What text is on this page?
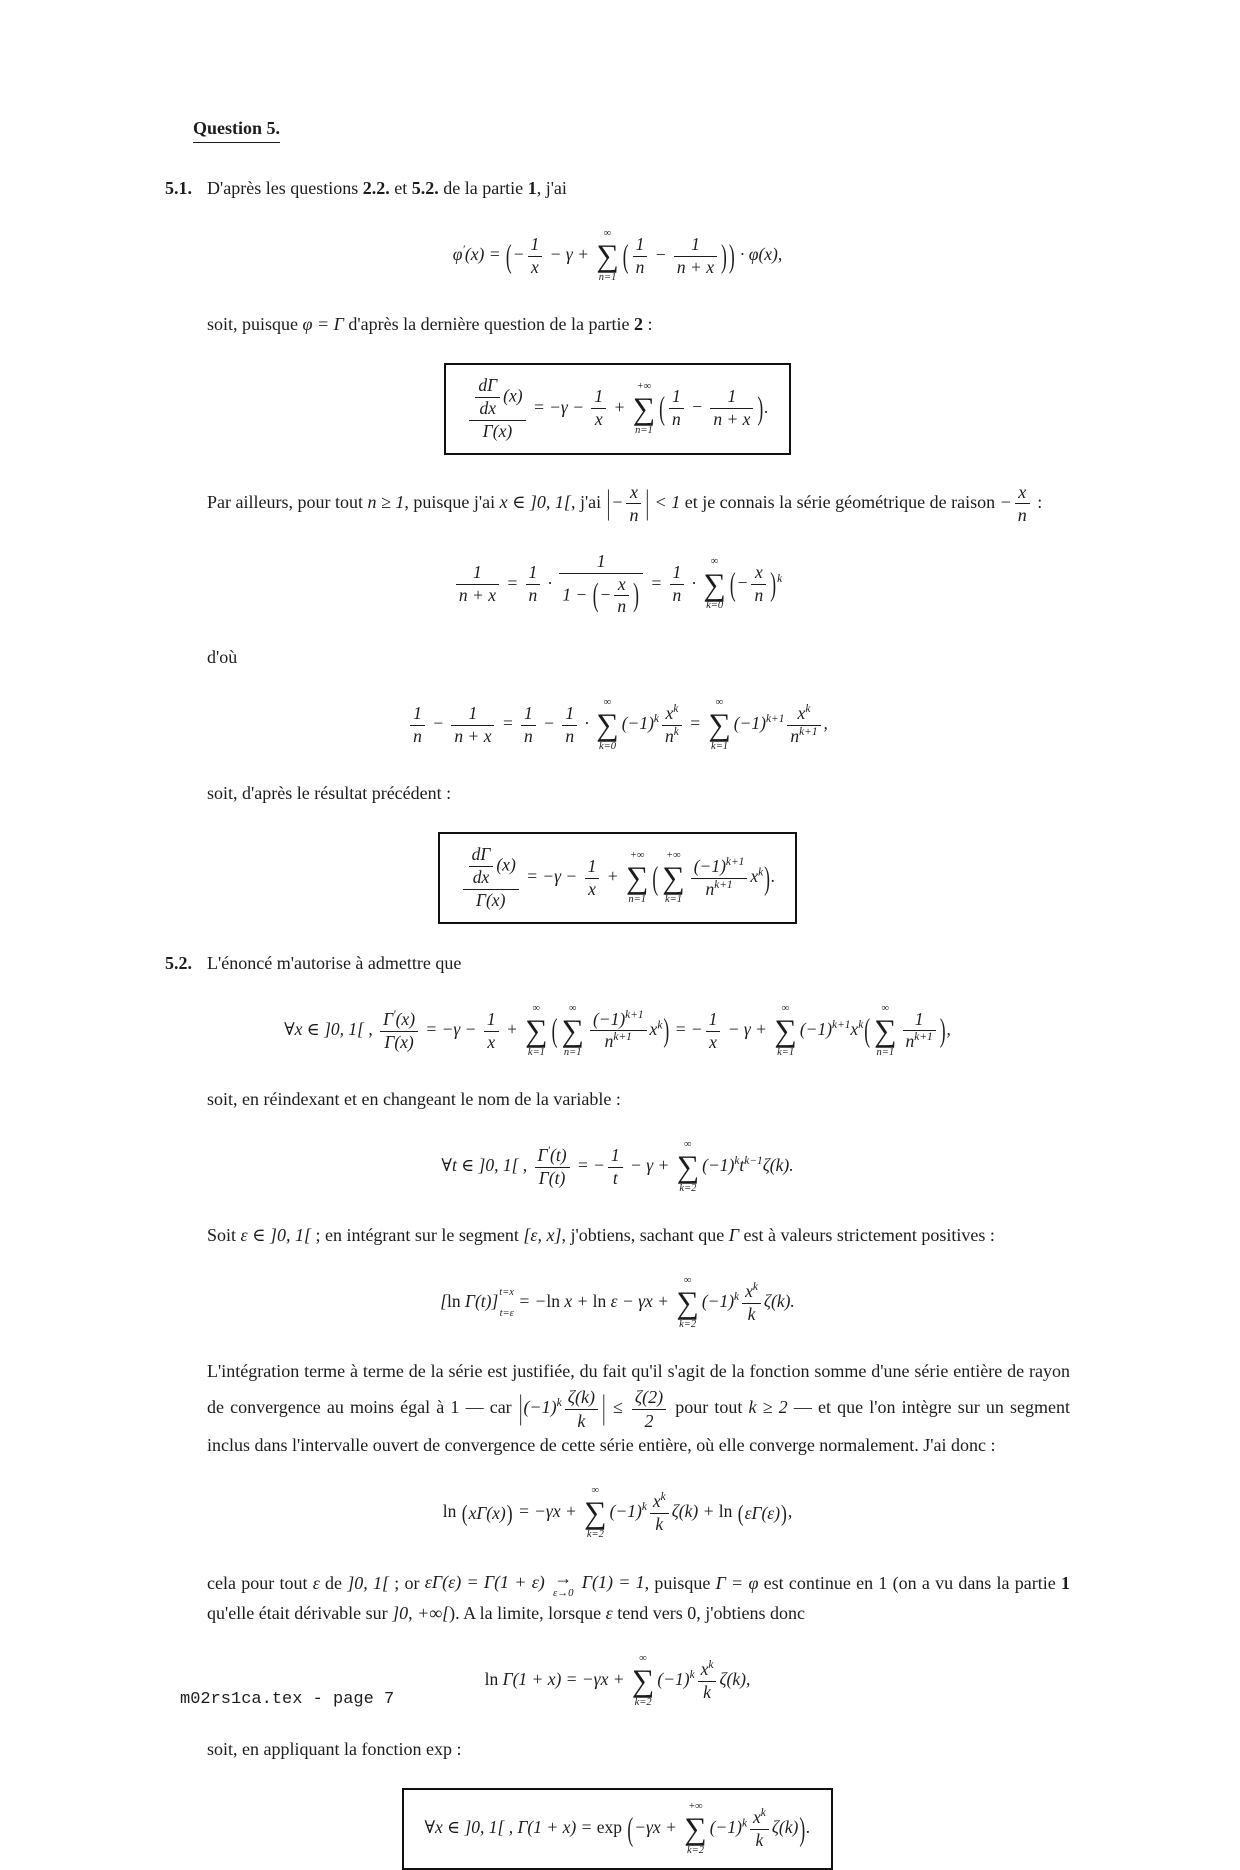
Question 5.

5.1. D'après les questions 2.2. et 5.2. de la partie 1, j'ai

φ′(x) = ( − $\frac{1}{x} - \gamma$ +
∞
∑
n=1
( $\frac{1}{n} - \frac{1}{n + x}$ ) ) · φ(x),

soit, puisque φ = Γ d'après la dernière question de la partie 2 :

$\frac{\frac{d\Gamma}{dx} (x)}{\Gamma(x)} = -\gamma - \frac{1}{x}$ +
+∞
∑
n=1
( $\frac{1}{n} - \frac{1}{n + x}$ ) .

Par ailleurs, pour tout n ≥ 1, puisque j'ai x ∈ ]0, 1[, j'ai | − $\frac{x}{n}$ | < 1 et je connais la série géométrique de raison − $\frac{x}{n}$ :

$\frac{1}{n + x} = \frac{1}{n} \cdot \frac{1}{1 - ( - \frac{x}{n} )} = \frac{1}{n}$ ·
∞
∑
k=0
( − $\frac{x}{n}$ ) $^k$

d'où

$\frac{1}{n} - \frac{1}{n + x} = \frac{1}{n} - \frac{1}{n}$ ·
∞
∑
k=0
$(-1)^k \frac{x^k}{n^k}$ =
∞
∑
k=1
$(-1)^{k+1} \frac{x^k}{n^{k+1}}$ ,

soit, d'après le résultat précédent :

$\frac{\frac{d\Gamma}{dx} (x)}{\Gamma(x)} = -\gamma - \frac{1}{x}$ +
+∞
∑
n=1
(
+∞
∑
$k=1 \frac{(-1)^{k+1}}{n^{k+1}} x^k$ ) .

5.2. L'énoncé m'autorise à admettre que

∀x ∈ ]0, 1[ , $\frac{\Gamma'(x)}{\Gamma(x)} = -\gamma - \frac{1}{x}$ +
∞
∑
k=1
(
∞
∑
$n=1 \frac{(-1)^{k+1}}{n^{k+1}} x^k$ ) = − $\frac{1}{x} - \gamma$ +
∞
∑
k=1
$(-1)^{k+1}x^k$ (
∞
∑
$n=1 \frac{1}{n^{k+1}}$ ) ,

soit, en réindexant et en changeant le nom de la variable :

∀t ∈ ]0, 1[ , $\frac{\Gamma'(t)}{\Gamma(t)}$ = − $\frac{1}{t} - \gamma$ +
∞
∑
k=2
$(-1)^kt^{k-1}\zeta(k)$.

Soit ε ∈ ]0, 1[ ; en intégrant sur le segment [ε, x], j'obtiens, sachant que Γ est à valeurs strictement positives :

[ln Γ(t)] t=x
t=ε
= −ln x + ln ε − γx +
∞
∑
k=2
$(-1)^k \frac{x^k}{k} \zeta(k)$.

L'intégration terme à terme de la série est justifiée, du fait qu'il s'agit de la fonction somme d'une série entière de rayon de convergence au moins égal à 1 — car | $(-1)^k \frac{\zeta(k)}{k}$ | ≤ $\frac{\zeta(2)}{2}$ pour tout k ≥ 2 — et que l'on intègre sur un segment inclus dans l'intervalle ouvert de convergence de cette série entière, où elle converge normalement. J'ai donc :

ln ( xΓ(x) ) = −γx +
∞
∑
k=2
$(-1)^k \frac{x^k}{k} \zeta(k) + \ln$ ( εΓ(ε) ) ,

cela pour tout ε de ]0, 1[ ; or εΓ(ε) = Γ(1 + ε) →
ε→0
Γ(1) = 1, puisque Γ = φ est continue en 1 (on a vu dans la partie 1 qu'elle était dérivable sur ]0, +∞[). A la limite, lorsque ε tend vers 0, j'obtiens donc

ln Γ(1 + x) = −γx +
∞
∑
k=2
$(-1)^k \frac{x^k}{k} \zeta(k)$,

soit, en appliquant la fonction exp :

∀x ∈ ]0, 1[ , Γ(1 + x) = exp ( −γx +
+∞
∑
k=2
$(-1)^k \frac{x^k}{k} \zeta(k)$ ) .
m02rs1ca.tex - page 7
